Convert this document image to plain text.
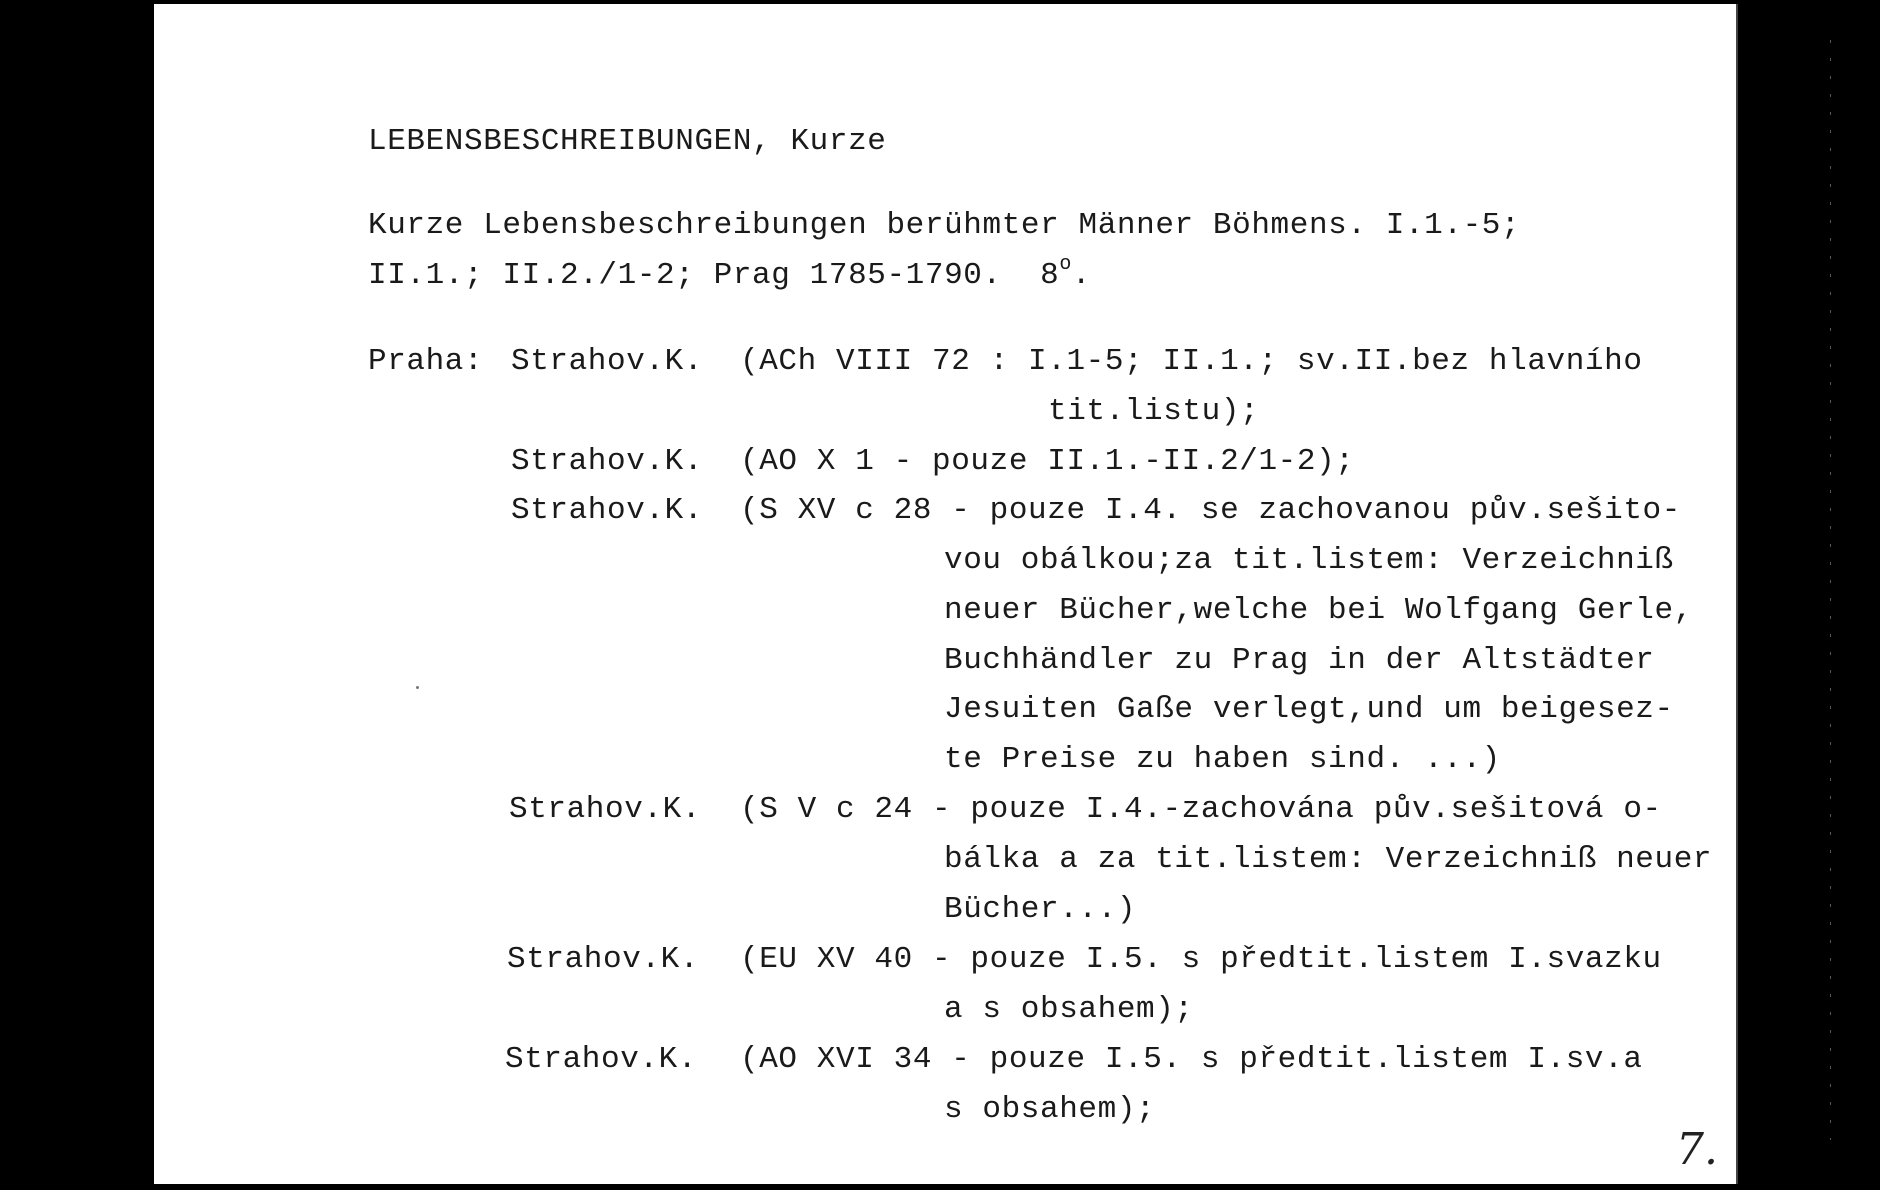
LEBENSBESCHREIBUNGEN, Kurze
Kurze Lebensbeschreibungen berühmter Männer Böhmens. I.1.-5;
II.1.; II.2./1-2; Prag 1785-1790.  8$^o$.
Praha: Strahov.K. (ACh VIII 72 : I.1-5; II.1.; sv.II.bez hlavního
tit.listu);
Strahov.K. (AO X 1 - pouze II.1.-II.2/1-2);
Strahov.K. (S XV c 28 - pouze I.4. se zachovanou pův.sešito-
vou obálkou;za tit.listem: Verzeichniß
neuer Bücher,welche bei Wolfgang Gerle,
Buchhändler zu Prag in der Altstädter
Jesuiten Gaße verlegt,und um beigesez-
te Preise zu haben sind. ...)
Strahov.K. (S V c 24 - pouze I.4.-zachována pův.sešitová o-
bálka a za tit.listem: Verzeichniß neuer
Bücher...)
Strahov.K. (EU XV 40 - pouze I.5. s předtit.listem I.svazku
a s obsahem);
Strahov.K. (AO XVI 34 - pouze I.5. s předtit.listem I.sv.a
s obsahem);
7.
